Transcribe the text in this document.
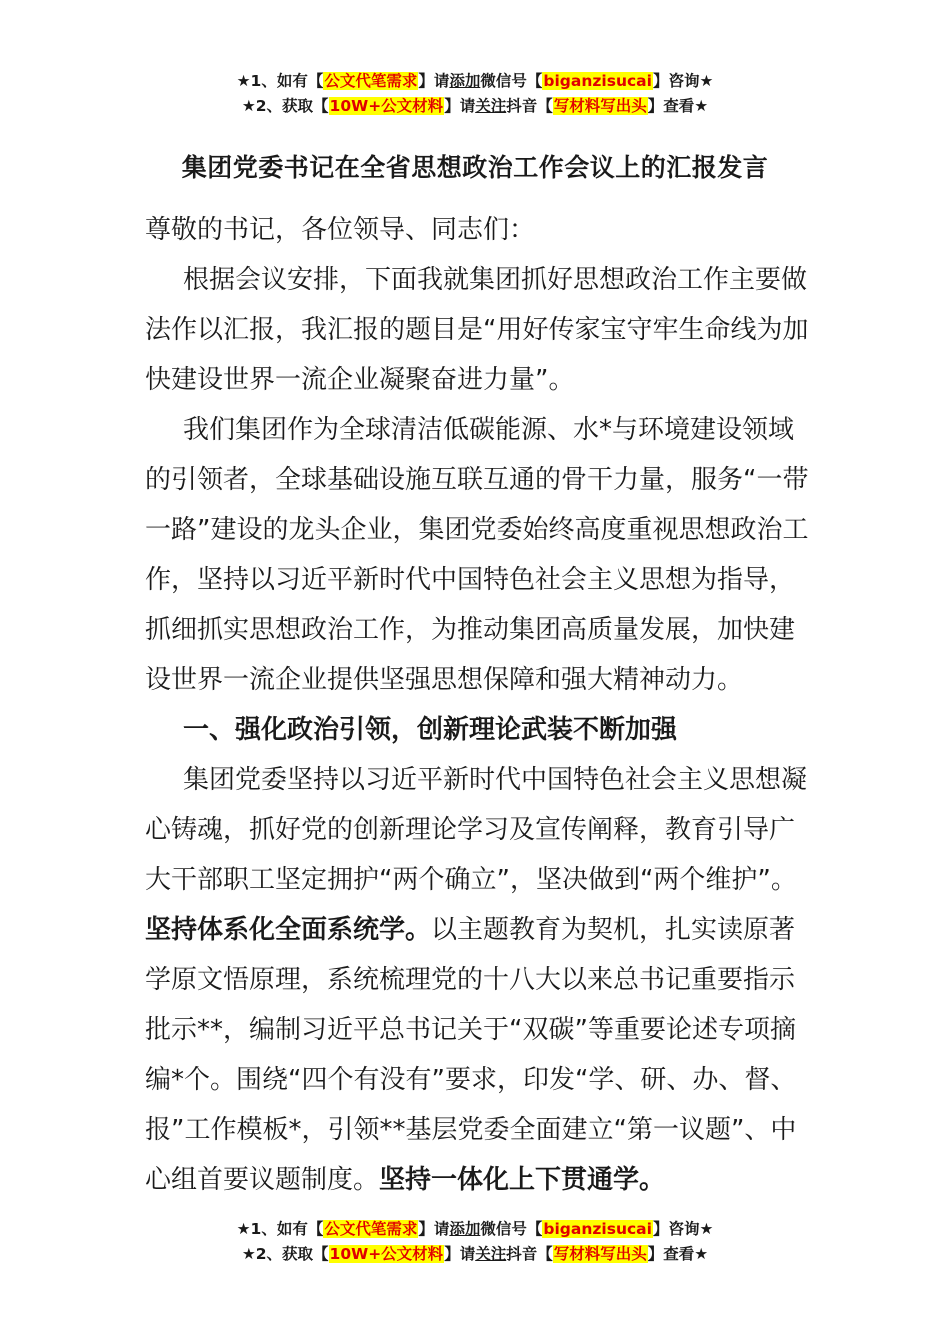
★1、如有【公文代笔需求】请添加微信号【biganzisucai】咨询★
★2、获取【10W+公文材料】请关注抖音【写材料写出头】查看★
集团党委书记在全省思想政治工作会议上的汇报发言

尊敬的书记，各位领导、同志们：

根据会议安排，下面我就集团抓好思想政治工作主要做法作以汇报，我汇报的题目是“用好传家宝守牢生命线为加快建设世界一流企业凝聚奋进力量”。

我们集团作为全球清洁低碳能源、水*与环境建设领域的引领者，全球基础设施互联互通的骨干力量，服务“一带一路”建设的龙头企业，集团党委始终高度重视思想政治工作，坚持以习近平新时代中国特色社会主义思想为指导，抓细抓实思想政治工作，为推动集团高质量发展，加快建设世界一流企业提供坚强思想保障和强大精神动力。

一、强化政治引领，创新理论武装不断加强

集团党委坚持以习近平新时代中国特色社会主义思想凝心铸魂，抓好党的创新理论学习及宣传阐释，教育引导广大干部职工坚定拥护“两个确立”，坚决做到“两个维护”。坚持体系化全面系统学。以主题教育为契机，扎实读原著学原文悟原理，系统梳理党的十八大以来总书记重要指示批示**，编制习近平总书记关于“双碳”等重要论述专项摘编*个。围绕“四个有没有”要求，印发“学、研、办、督、报”工作模板*，引领**基层党委全面建立“第一议题”、中心组首要议题制度。坚持一体化上下贯通学。

★1、如有【公文代笔需求】请添加微信号【biganzisucai】咨询★
★2、获取【10W+公文材料】请关注抖音【写材料写出头】查看★
